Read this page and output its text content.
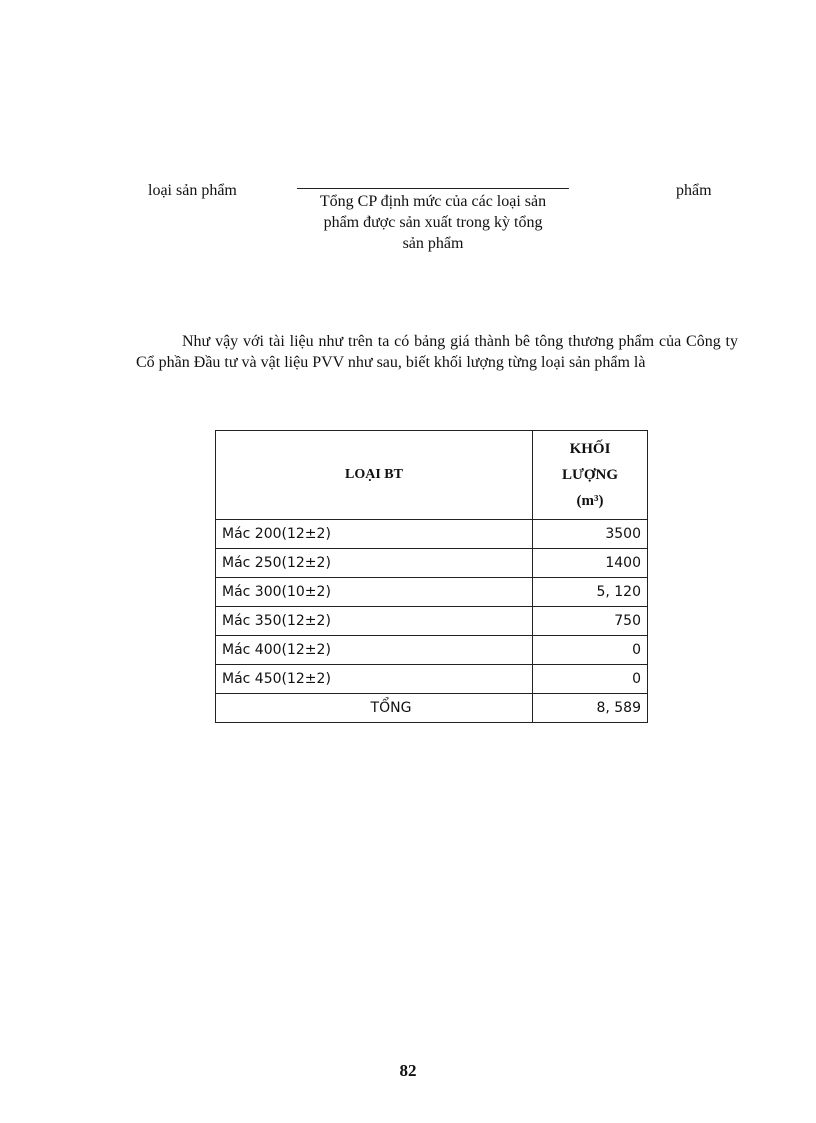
loại sản phẩm
Tổng CP định mức của các loại sản
phẩm được sản xuất trong kỳ tổng
sản phẩm
phẩm

Như vậy với tài liệu như trên ta có bảng giá thành bê tông thương phẩm của Công ty Cổ phần Đầu tư và vật liệu PVV như sau, biết khối lượng từng loại sản phẩm là

LOẠI BT	KHỐI
LƯỢNG
(m³)

Mác 200(12±2)	3500
Mác 250(12±2)	1400
Mác 300(10±2)	5, 120
Mác 350(12±2)	750
Mác 400(12±2)	0
Mác 450(12±2)	0
TỔNG	8, 589
82
